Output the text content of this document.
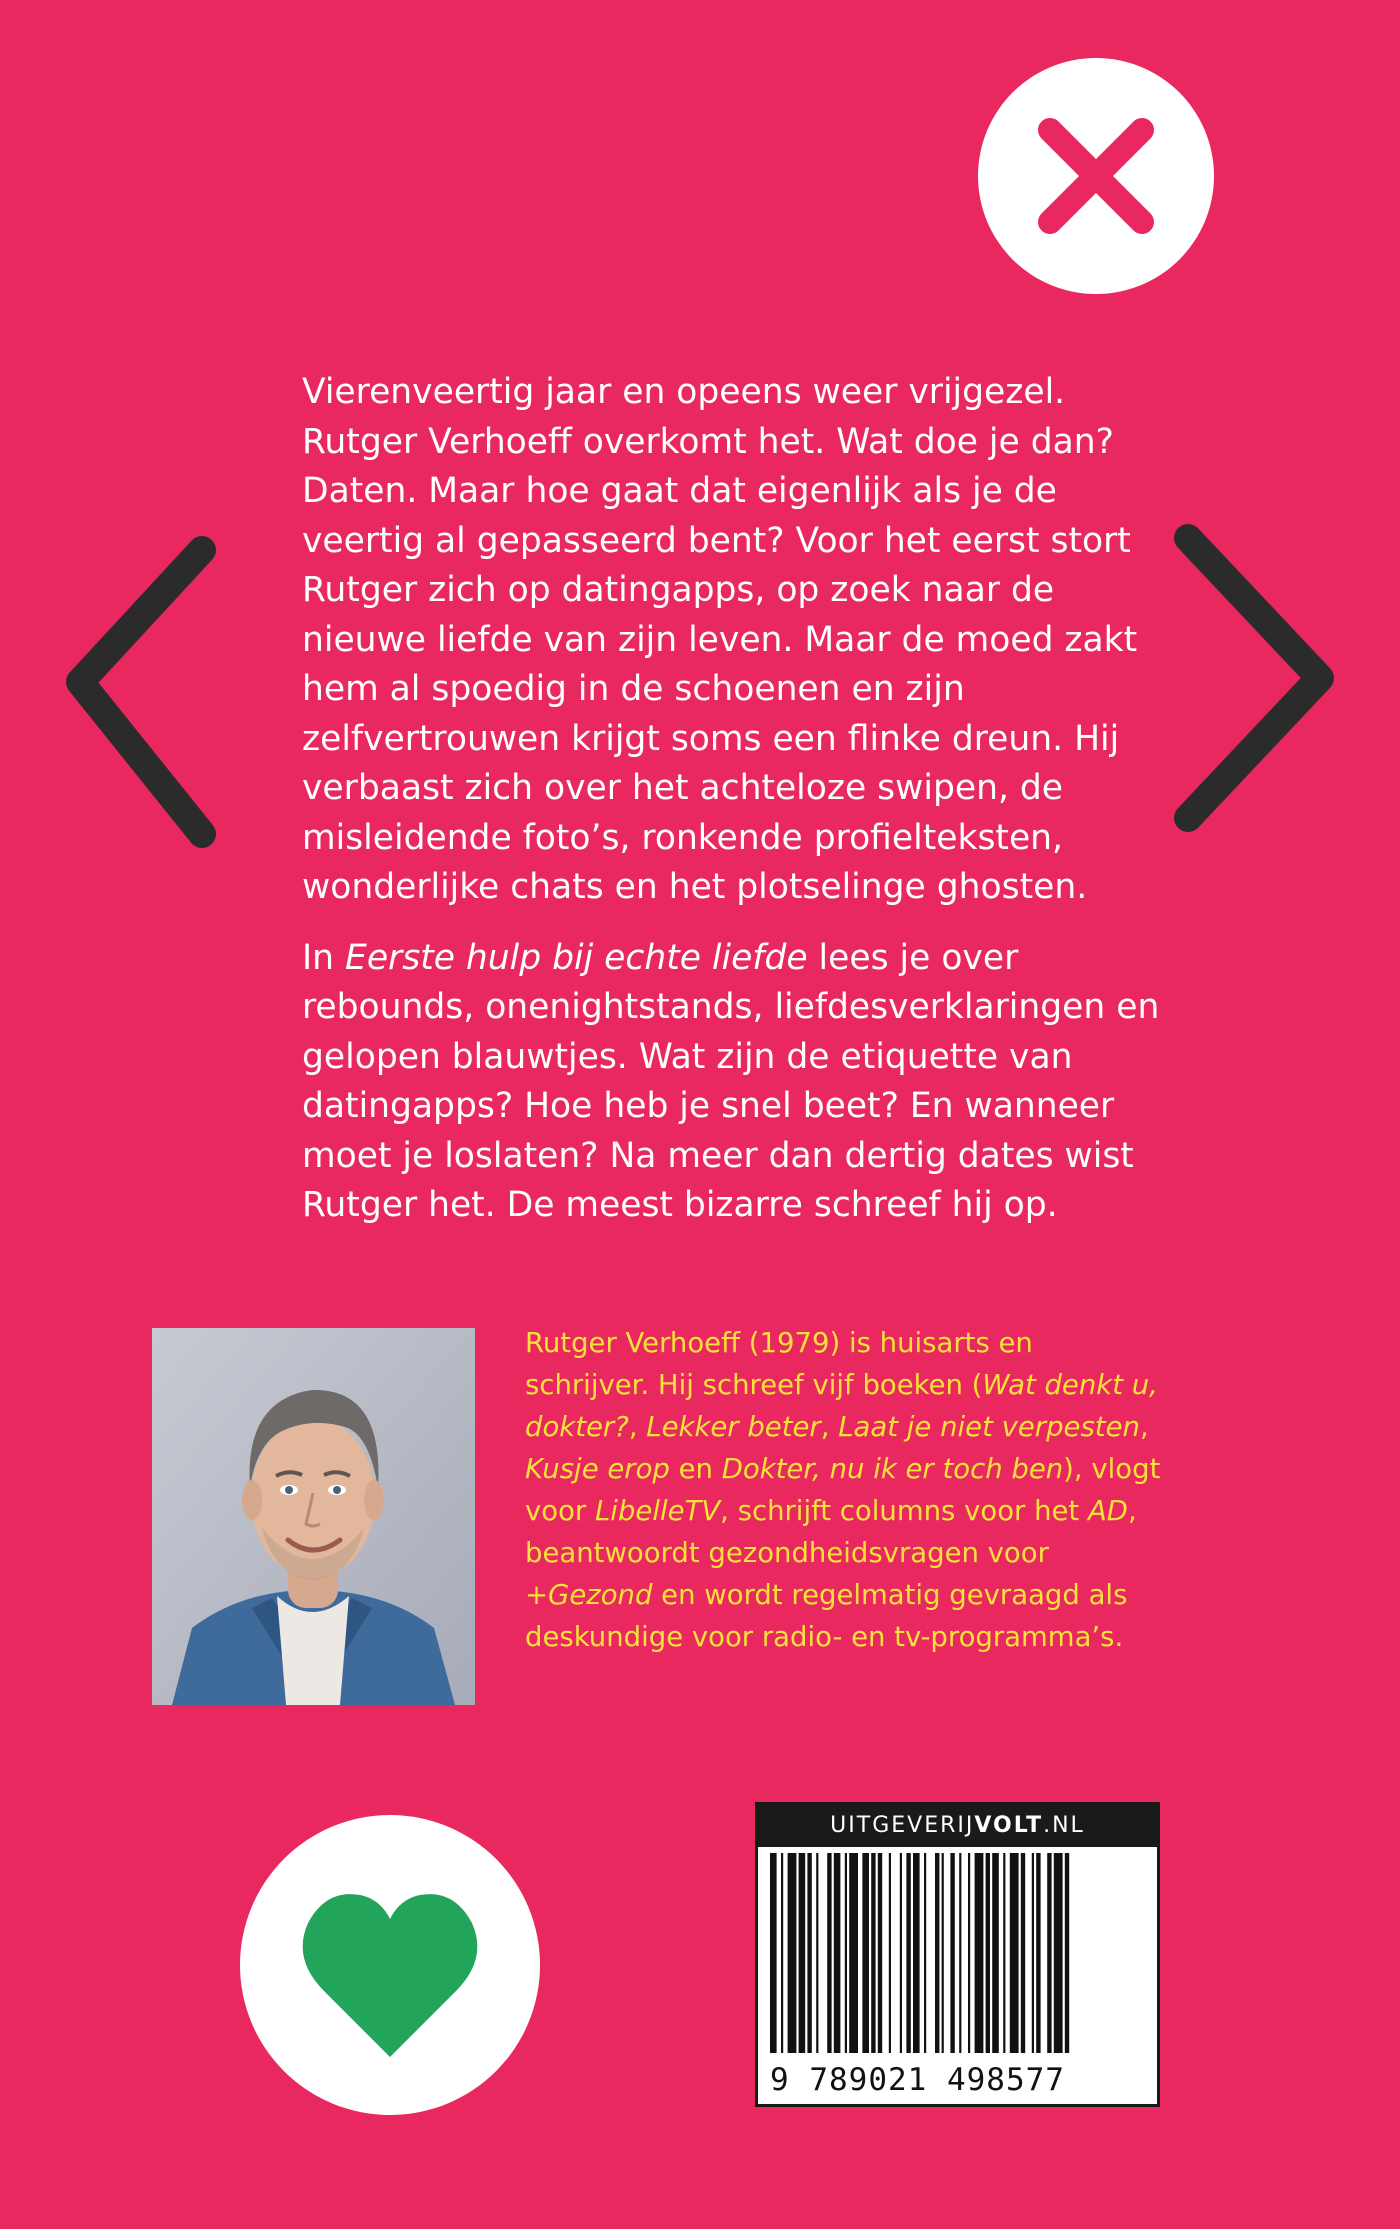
Vierenveertig jaar en opeens weer vrijgezel. Rutger Verhoeff overkomt het. Wat doe je dan? Daten. Maar hoe gaat dat eigenlijk als je de veertig al gepasseerd bent? Voor het eerst stort Rutger zich op datingapps, op zoek naar de nieuwe liefde van zijn leven. Maar de moed zakt hem al spoedig in de schoenen en zijn zelfvertrouwen krijgt soms een flinke dreun. Hij verbaast zich over het achteloze swipen, de misleidende foto’s, ronkende profielteksten, wonderlijke chats en het plotselinge ghosten.

In Eerste hulp bij echte liefde lees je over rebounds, onenightstands, liefdesverklaringen en gelopen blauwtjes. Wat zijn de etiquette van datingapps? Hoe heb je snel beet? En wanneer moet je loslaten? Na meer dan dertig dates wist Rutger het. De meest bizarre schreef hij op.

Rutger Verhoeff (1979) is huisarts en schrijver. Hij schreef vijf boeken (Wat denkt u, dokter?, Lekker beter, Laat je niet verpesten, Kusje erop en Dokter, nu ik er toch ben), vlogt voor LibelleTV, schrijft columns voor het AD, beantwoordt gezondheidsvragen voor +Gezond en wordt regelmatig gevraagd als deskundige voor radio- en tv-programma’s.
UITGEVERIJVOLT.NL
9 789021 498577
